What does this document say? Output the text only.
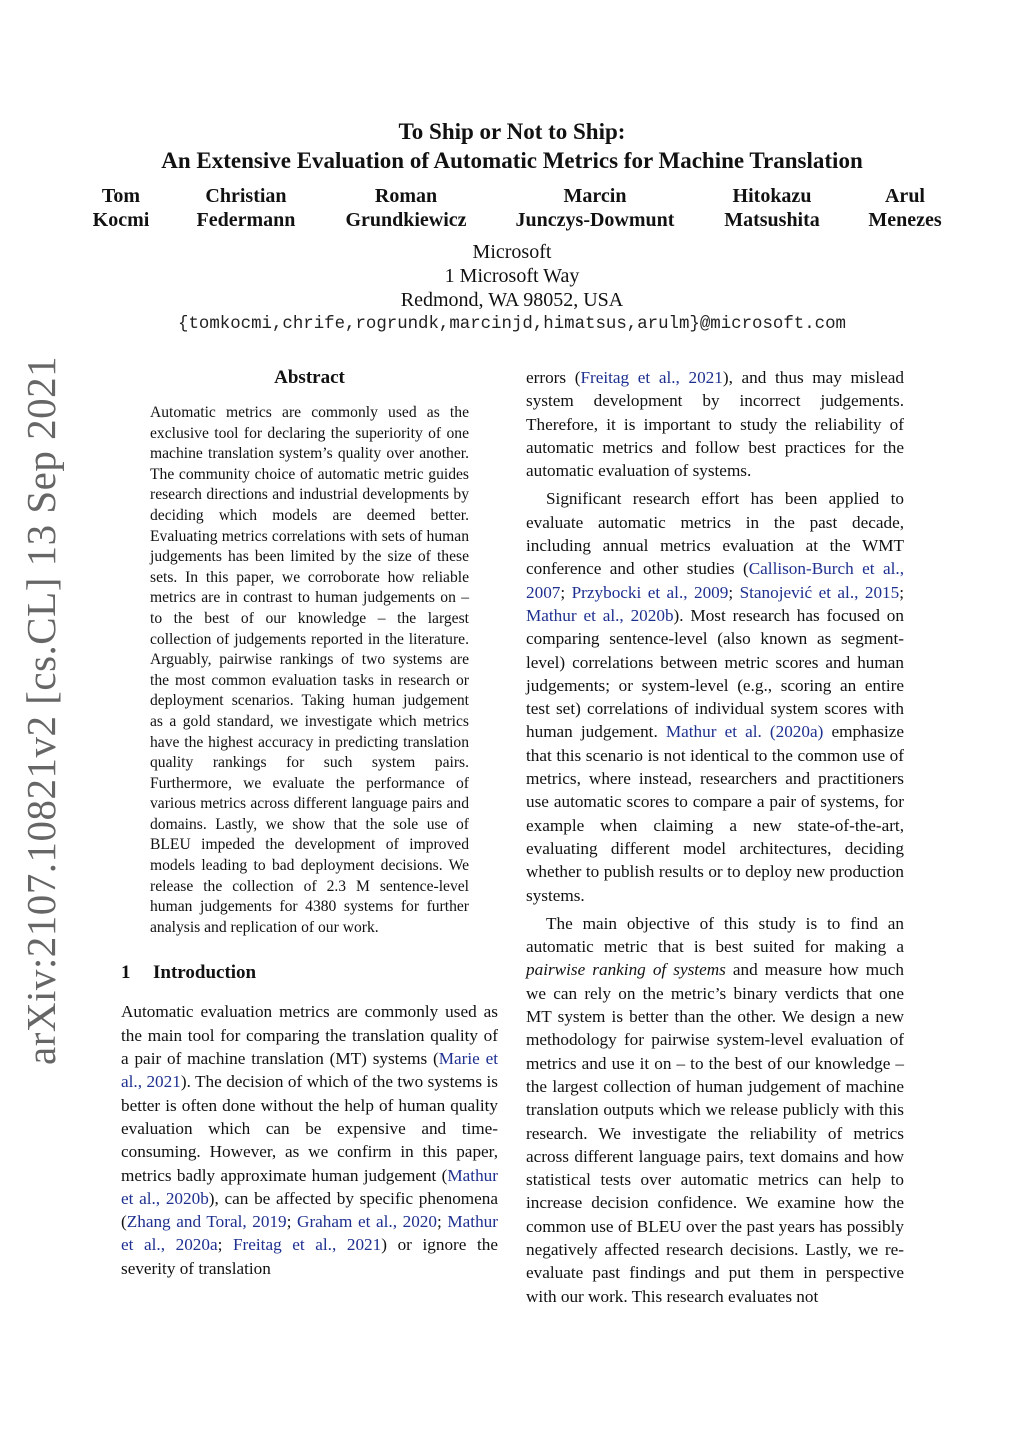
arXiv:2107.10821v2 [cs.CL] 13 Sep 2021
To Ship or Not to Ship:
An Extensive Evaluation of Automatic Metrics for Machine Translation
Tom
Kocmi
Christian
Federmann
Roman
Grundkiewicz
Marcin
Junczys-Dowmunt
Hitokazu
Matsushita
Arul
Menezes
Microsoft
1 Microsoft Way
Redmond, WA 98052, USA
{tomkocmi,chrife,rogrundk,marcinjd,himatsus,arulm}@microsoft.com
Abstract
Automatic metrics are commonly used as the exclusive tool for declaring the superiority of one machine translation system’s quality over another. The community choice of automatic metric guides research directions and industrial developments by deciding which models are deemed better. Evaluating metrics correlations with sets of human judgements has been limited by the size of these sets. In this paper, we corroborate how reliable metrics are in contrast to human judgements on – to the best of our knowledge – the largest collection of judgements reported in the literature. Arguably, pairwise rankings of two systems are the most common evaluation tasks in research or deployment scenarios. Taking human judgement as a gold standard, we investigate which metrics have the highest accuracy in predicting translation quality rankings for such system pairs. Furthermore, we evaluate the performance of various metrics across different language pairs and domains. Lastly, we show that the sole use of BLEU impeded the development of improved models leading to bad deployment decisions. We release the collection of 2.3 M sentence-level human judgements for 4380 systems for further analysis and replication of our work.
1 Introduction

Automatic evaluation metrics are commonly used as the main tool for comparing the translation quality of a pair of machine translation (MT) systems (Marie et al., 2021). The decision of which of the two systems is better is often done without the help of human quality evaluation which can be expensive and time-consuming. However, as we confirm in this paper, metrics badly approximate human judgement (Mathur et al., 2020b), can be affected by specific phenomena (Zhang and Toral, 2019; Graham et al., 2020; Mathur et al., 2020a; Freitag et al., 2021) or ignore the severity of translation

errors (Freitag et al., 2021), and thus may mislead system development by incorrect judgements. Therefore, it is important to study the reliability of automatic metrics and follow best practices for the automatic evaluation of systems.

Significant research effort has been applied to evaluate automatic metrics in the past decade, including annual metrics evaluation at the WMT conference and other studies (Callison-Burch et al., 2007; Przybocki et al., 2009; Stanojević et al., 2015; Mathur et al., 2020b). Most research has focused on comparing sentence-level (also known as segment-level) correlations between metric scores and human judgements; or system-level (e.g., scoring an entire test set) correlations of individual system scores with human judgement. Mathur et al. (2020a) emphasize that this scenario is not identical to the common use of metrics, where instead, researchers and practitioners use automatic scores to compare a pair of systems, for example when claiming a new state-of-the-art, evaluating different model architectures, deciding whether to publish results or to deploy new production systems.

The main objective of this study is to find an automatic metric that is best suited for making a pairwise ranking of systems and measure how much we can rely on the metric’s binary verdicts that one MT system is better than the other. We design a new methodology for pairwise system-level evaluation of metrics and use it on – to the best of our knowledge – the largest collection of human judgement of machine translation outputs which we release publicly with this research. We investigate the reliability of metrics across different language pairs, text domains and how statistical tests over automatic metrics can help to increase decision confidence. We examine how the common use of BLEU over the past years has possibly negatively affected research decisions. Lastly, we re-evaluate past findings and put them in perspective with our work. This research evaluates not
